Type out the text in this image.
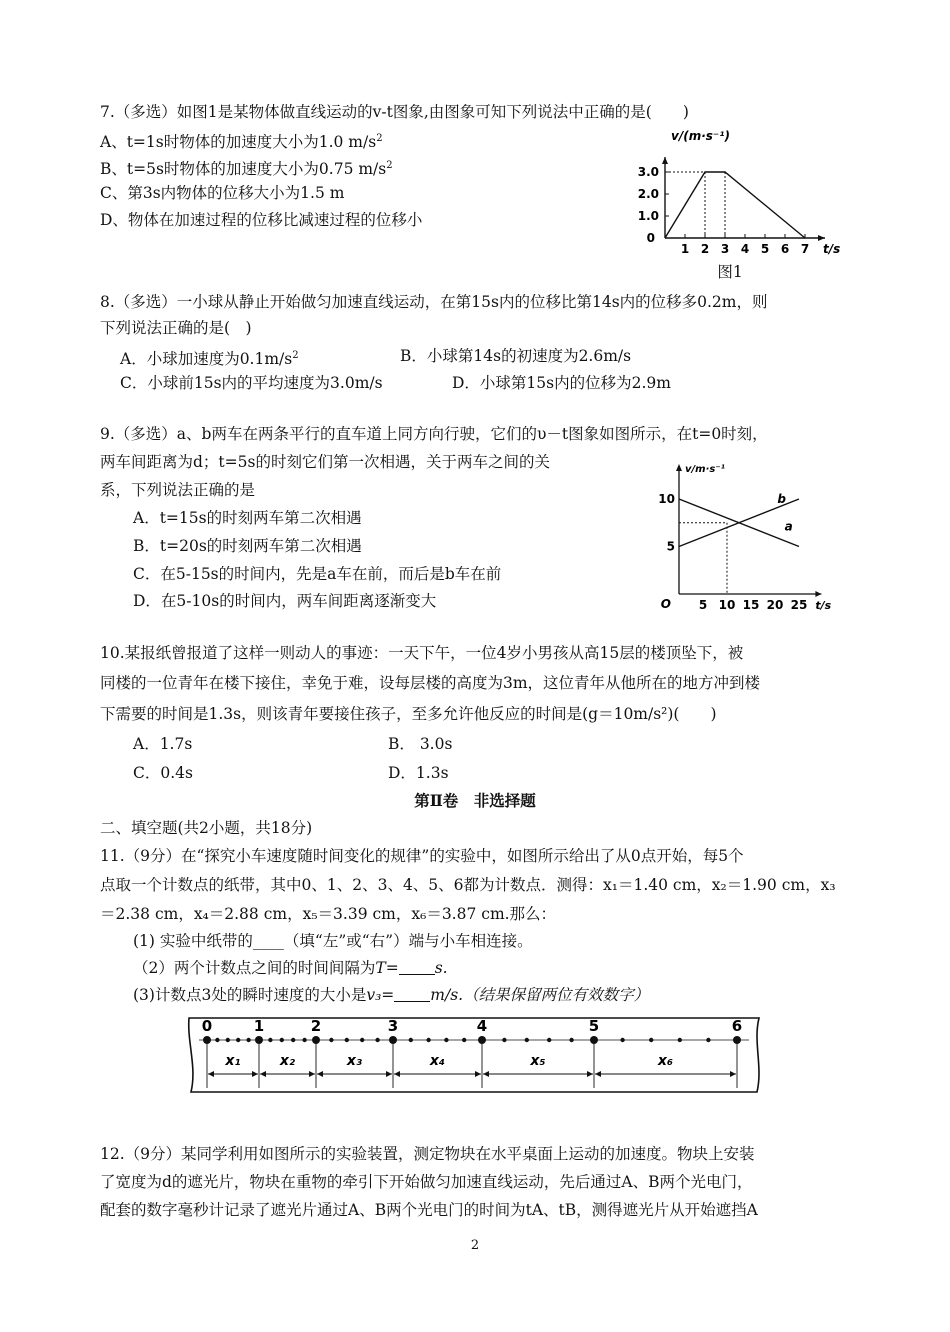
7.（多选）如图1是某物体做直线运动的v-t图象,由图象可知下列说法中正确的是(　　)
A、t=1s时物体的加速度大小为1.0 $m/s^2$
B、t=5s时物体的加速度大小为0.75 $m/s^2$
C、第3s内物体的位移大小为1.5 m
D、物体在加速过程的位移比减速过程的位移小
v/(m·s⁻¹)
t/s
0
1 2 3 4 5 6 7
1.0
2.0
3.0
图1
8.（多选）一小球从静止开始做匀加速直线运动，在第15s内的位移比第14s内的位移多0.2m，则
下列说法正确的是(　)
A．小球加速度为$0.1m/s^2$	B．小球第14s的初速度为2.6m/s
C．小球前15s内的平均速度为3.0m/s	D．小球第15s内的位移为2.9m
9.（多选）a、b两车在两条平行的直车道上同方向行驶，它们的υ－t图象如图所示，在t=0时刻，
两车间距离为d；t=5s的时刻它们第一次相遇，关于两车之间的关
系，下列说法正确的是
A．t=15s的时刻两车第二次相遇
B．t=20s的时刻两车第二次相遇
C．在5-15s的时间内，先是a车在前，而后是b车在前
D．在5-10s的时间内，两车间距离逐渐变大
v/m·s⁻¹
t/s
O 5 10 15 20 25
5
10	b
a
10.某报纸曾报道了这样一则动人的事迹：一天下午，一位4岁小男孩从高15层的楼顶坠下，被
同楼的一位青年在楼下接住，幸免于难，设每层楼的高度为3m，这位青年从他所在的地方冲到楼
下需要的时间是1.3s，则该青年要接住孩子，至多允许他反应的时间是(g＝10m/s²)(　　)
A．1.7s	B． 3.0s
C．0.4s	D．1.3s
第Ⅱ卷　非选择题
二、填空题(共2小题，共18分)
11.（9分）在“探究小车速度随时间变化的规律”的实验中，如图所示给出了从0点开始，每5个
点取一个计数点的纸带，其中0、1、2、3、4、5、6都为计数点．测得：x₁＝1.40 cm，x₂＝1.90 cm，x₃
＝2.38 cm，x₄＝2.88 cm，x₅＝3.39 cm，x₆＝3.87 cm.那么：
(1) 实验中纸带的____（填“左”或“右”）端与小车相连接。
（2）两个计数点之间的时间间隔为T= s.
(3)计数点3处的瞬时速度的大小是v₃= m/s.（结果保留两位有效数字）
0	1	2	3	4	5	6
x₁	x₂	x₃	x₄	x₅	x₆
12.（9分）某同学利用如图所示的实验装置，测定物块在水平桌面上运动的加速度。物块上安装
了宽度为d的遮光片，物块在重物的牵引下开始做匀加速直线运动，先后通过A、B两个光电门，
配套的数字毫秒计记录了遮光片通过A、B两个光电门的时间为tA、tB，测得遮光片从开始遮挡A
2
